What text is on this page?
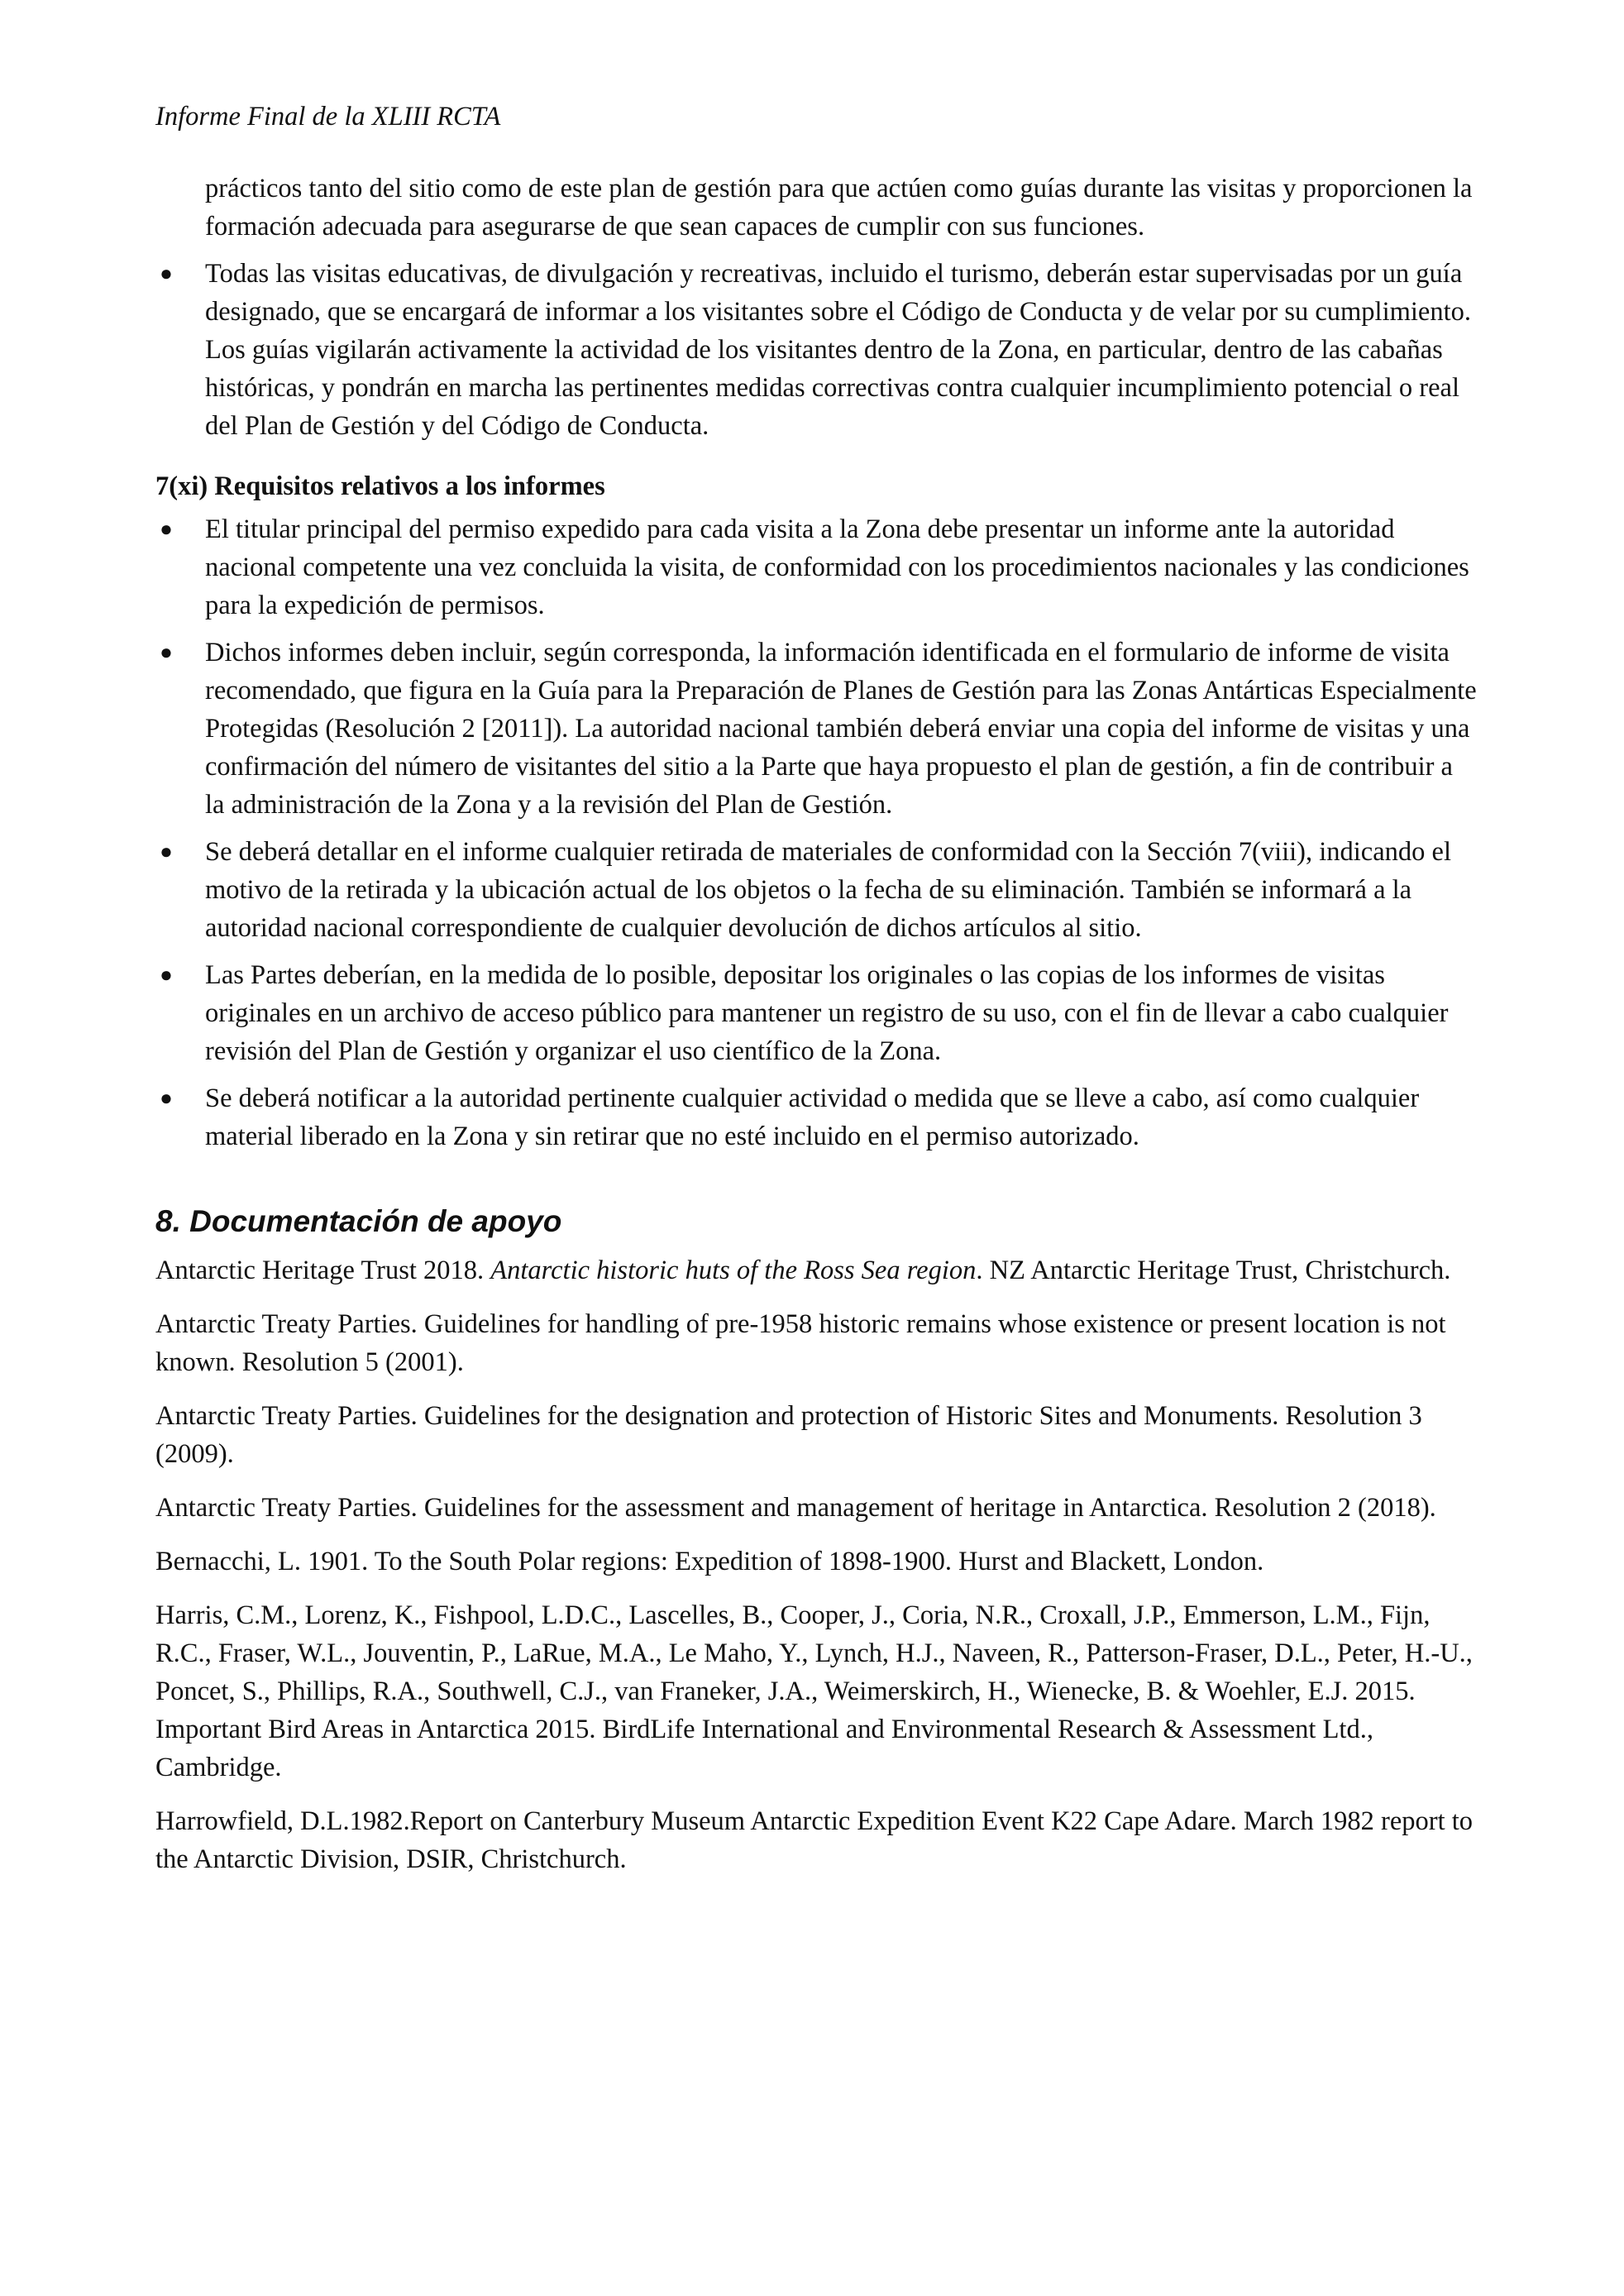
Informe Final de la XLIII RCTA

prácticos tanto del sitio como de este plan de gestión para que actúen como guías durante las visitas y proporcionen la formación adecuada para asegurarse de que sean capaces de cumplir con sus funciones.

● Todas las visitas educativas, de divulgación y recreativas, incluido el turismo, deberán estar supervisadas por un guía designado, que se encargará de informar a los visitantes sobre el Código de Conducta y de velar por su cumplimiento. Los guías vigilarán activamente la actividad de los visitantes dentro de la Zona, en particular, dentro de las cabañas históricas, y pondrán en marcha las pertinentes medidas correctivas contra cualquier incumplimiento potencial o real del Plan de Gestión y del Código de Conducta.
7(xi) Requisitos relativos a los informes
● El titular principal del permiso expedido para cada visita a la Zona debe presentar un informe ante la autoridad nacional competente una vez concluida la visita, de conformidad con los procedimientos nacionales y las condiciones para la expedición de permisos.
● Dichos informes deben incluir, según corresponda, la información identificada en el formulario de informe de visita recomendado, que figura en la Guía para la Preparación de Planes de Gestión para las Zonas Antárticas Especialmente Protegidas (Resolución 2 [2011]). La autoridad nacional también deberá enviar una copia del informe de visitas y una confirmación del número de visitantes del sitio a la Parte que haya propuesto el plan de gestión, a fin de contribuir a la administración de la Zona y a la revisión del Plan de Gestión.
● Se deberá detallar en el informe cualquier retirada de materiales de conformidad con la Sección 7(viii), indicando el motivo de la retirada y la ubicación actual de los objetos o la fecha de su eliminación. También se informará a la autoridad nacional correspondiente de cualquier devolución de dichos artículos al sitio.
● Las Partes deberían, en la medida de lo posible, depositar los originales o las copias de los informes de visitas originales en un archivo de acceso público para mantener un registro de su uso, con el fin de llevar a cabo cualquier revisión del Plan de Gestión y organizar el uso científico de la Zona.
● Se deberá notificar a la autoridad pertinente cualquier actividad o medida que se lleve a cabo, así como cualquier material liberado en la Zona y sin retirar que no esté incluido en el permiso autorizado.
8. Documentación de apoyo

Antarctic Heritage Trust 2018. Antarctic historic huts of the Ross Sea region. NZ Antarctic Heritage Trust, Christchurch.

Antarctic Treaty Parties. Guidelines for handling of pre-1958 historic remains whose existence or present location is not known. Resolution 5 (2001).

Antarctic Treaty Parties. Guidelines for the designation and protection of Historic Sites and Monuments. Resolution 3 (2009).

Antarctic Treaty Parties. Guidelines for the assessment and management of heritage in Antarctica. Resolution 2 (2018).

Bernacchi, L. 1901. To the South Polar regions: Expedition of 1898-1900. Hurst and Blackett, London.

Harris, C.M., Lorenz, K., Fishpool, L.D.C., Lascelles, B., Cooper, J., Coria, N.R., Croxall, J.P., Emmerson, L.M., Fijn, R.C., Fraser, W.L., Jouventin, P., LaRue, M.A., Le Maho, Y., Lynch, H.J., Naveen, R., Patterson-Fraser, D.L., Peter, H.-U., Poncet, S., Phillips, R.A., Southwell, C.J., van Franeker, J.A., Weimerskirch, H., Wienecke, B. & Woehler, E.J. 2015. Important Bird Areas in Antarctica 2015. BirdLife International and Environmental Research & Assessment Ltd., Cambridge.

Harrowfield, D.L.1982.Report on Canterbury Museum Antarctic Expedition Event K22 Cape Adare. March 1982 report to the Antarctic Division, DSIR, Christchurch.
